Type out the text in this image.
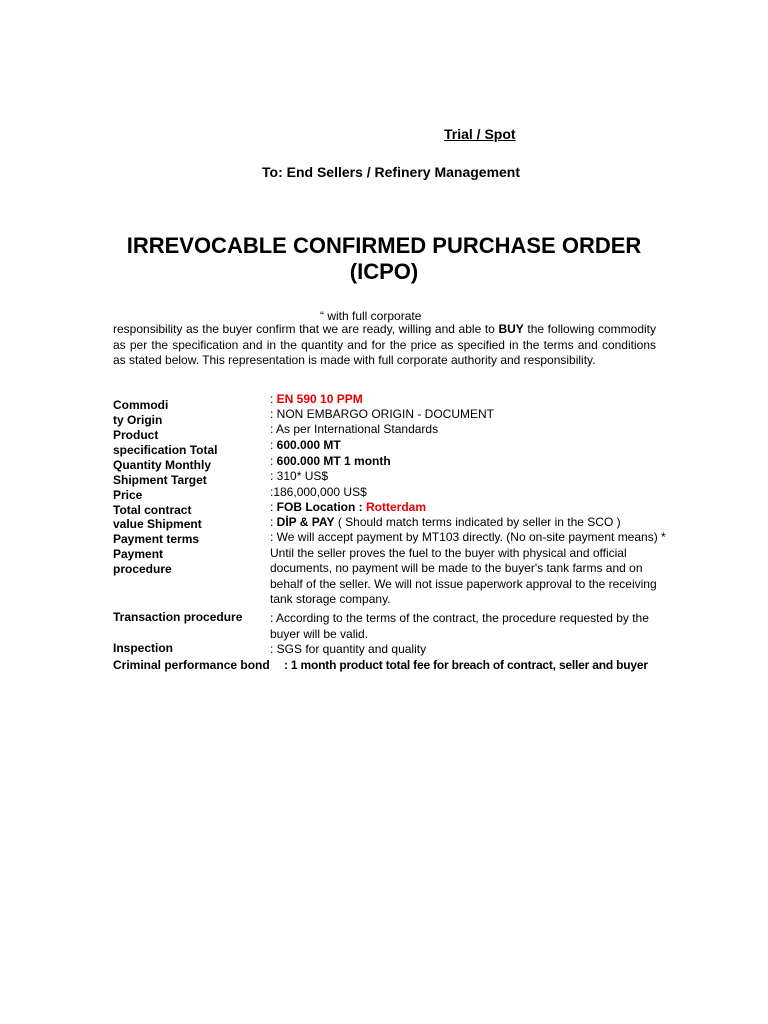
Trial / Spot
To: End Sellers / Refinery Management
IRREVOCABLE CONFIRMED PURCHASE ORDER
(ICPO)
“ with full corporate

responsibility as the buyer confirm that we are ready, willing and able to BUY the following commodity as per the specification and in the quantity and for the price as specified in the terms and conditions as stated below. This representation is made with full corporate authority and responsibility.

Commodi
ty Origin
Product
specification Total
Quantity Monthly
Shipment Target
Price
Total contract
value Shipment
Payment terms
Payment
procedure
: EN 590 10 PPM
: NON EMBARGO ORIGIN - DOCUMENT
: As per International Standards
: 600.000 MT
: 600.000 MT 1 month
: 310* US$
:186,000,000 US$
: FOB Location : Rotterdam
: DİP & PAY ( Should match terms indicated by seller in the SCO )
: We will accept payment by MT103 directly. (No on-site payment means) * Until the seller proves the fuel to the buyer with physical and official documents, no payment will be made to the buyer's tank farms and on behalf of the seller. We will not issue paperwork approval to the receiving tank storage company.
Transaction procedure : According to the terms of the contract, the procedure requested by the buyer will be valid.
Inspection	: SGS for quantity and quality
Criminal performance bond : 1 month product total fee for breach of contract, seller and buyer
